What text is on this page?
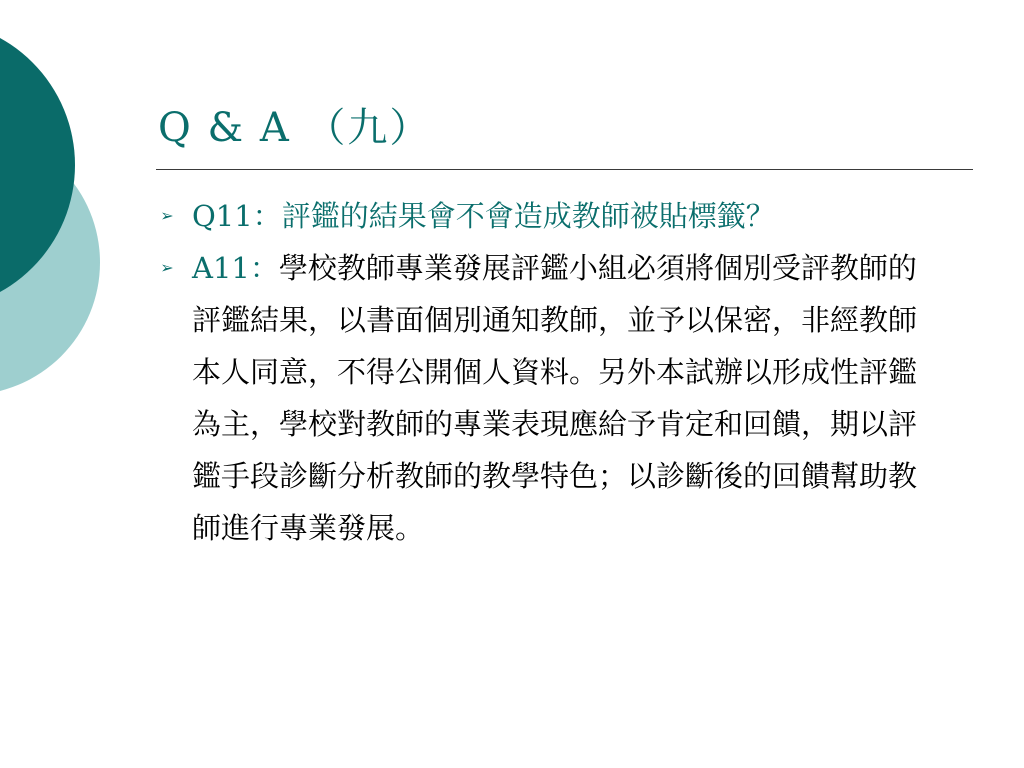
Q & A （九）
➢ Q11：評鑑的結果會不會造成教師被貼標籤？
➢ A11：學校教師專業發展評鑑小組必須將個別受評教師的評鑑結果，以書面個別通知教師，並予以保密，非經教師本人同意，不得公開個人資料。另外本試辦以形成性評鑑為主，學校對教師的專業表現應給予肯定和回饋，期以評鑑手段診斷分析教師的教學特色；以診斷後的回饋幫助教師進行專業發展。
